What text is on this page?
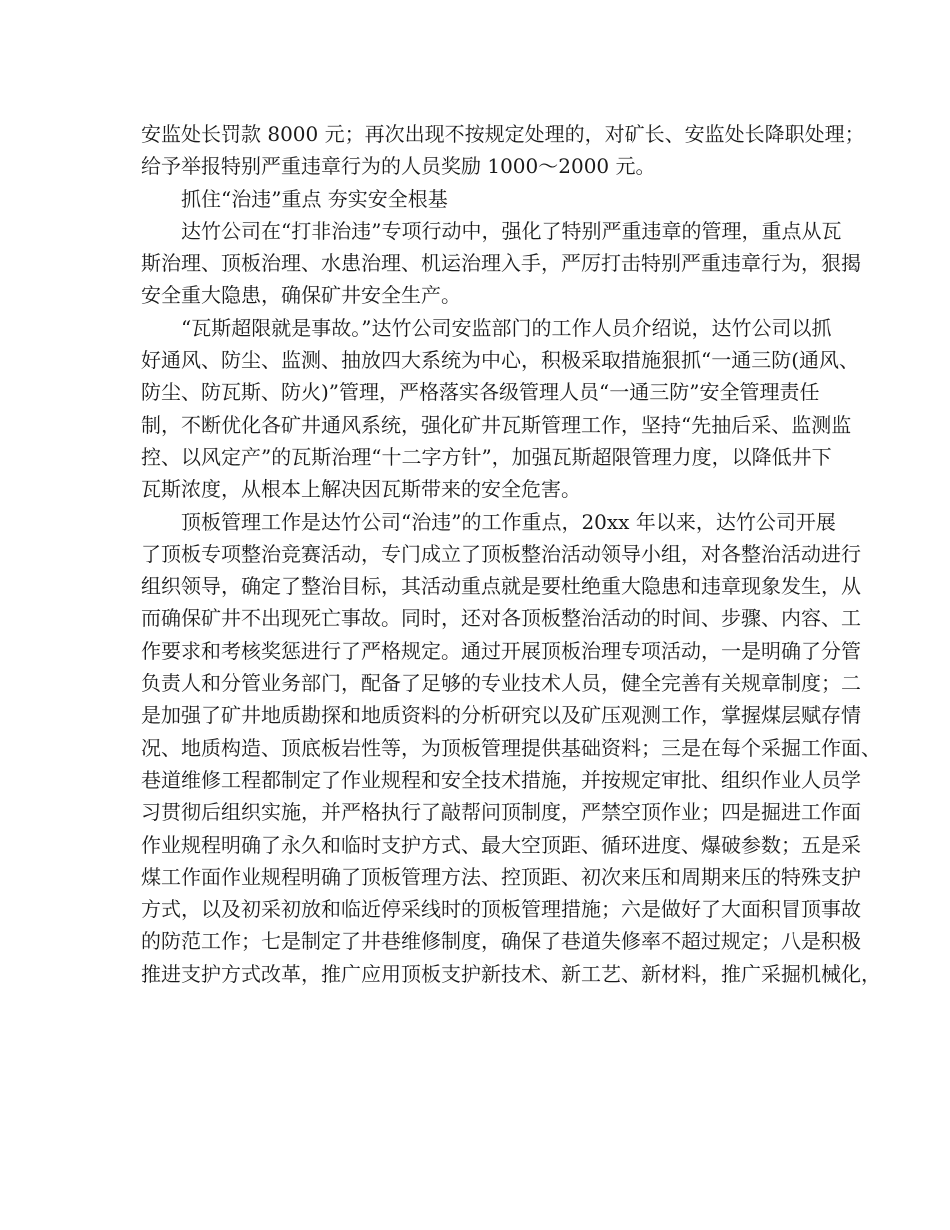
安监处长罚款 8000 元；再次出现不按规定处理的，对矿长、安监处长降职处理；

给予举报特别严重违章行为的人员奖励 1000～2000 元。

　　抓住“治违”重点 夯实安全根基

　　达竹公司在“打非治违”专项行动中，强化了特别严重违章的管理，重点从瓦

斯治理、顶板治理、水患治理、机运治理入手，严厉打击特别严重违章行为，狠揭

安全重大隐患，确保矿井安全生产。

　　“瓦斯超限就是事故。”达竹公司安监部门的工作人员介绍说，达竹公司以抓

好通风、防尘、监测、抽放四大系统为中心，积极采取措施狠抓“一通三防(通风、

防尘、防瓦斯、防火)”管理，严格落实各级管理人员“一通三防”安全管理责任

制，不断优化各矿井通风系统，强化矿井瓦斯管理工作，坚持“先抽后采、监测监

控、以风定产”的瓦斯治理“十二字方针”，加强瓦斯超限管理力度，以降低井下

瓦斯浓度，从根本上解决因瓦斯带来的安全危害。

　　顶板管理工作是达竹公司“治违”的工作重点，20xx 年以来，达竹公司开展

了顶板专项整治竞赛活动，专门成立了顶板整治活动领导小组，对各整治活动进行

组织领导，确定了整治目标，其活动重点就是要杜绝重大隐患和违章现象发生，从

而确保矿井不出现死亡事故。同时，还对各顶板整治活动的时间、步骤、内容、工

作要求和考核奖惩进行了严格规定。通过开展顶板治理专项活动，一是明确了分管

负责人和分管业务部门，配备了足够的专业技术人员，健全完善有关规章制度；二

是加强了矿井地质勘探和地质资料的分析研究以及矿压观测工作，掌握煤层赋存情

况、地质构造、顶底板岩性等，为顶板管理提供基础资料；三是在每个采掘工作面、

巷道维修工程都制定了作业规程和安全技术措施，并按规定审批、组织作业人员学

习贯彻后组织实施，并严格执行了敲帮问顶制度，严禁空顶作业；四是掘进工作面

作业规程明确了永久和临时支护方式、最大空顶距、循环进度、爆破参数；五是采

煤工作面作业规程明确了顶板管理方法、控顶距、初次来压和周期来压的特殊支护

方式，以及初采初放和临近停采线时的顶板管理措施；六是做好了大面积冒顶事故

的防范工作；七是制定了井巷维修制度，确保了巷道失修率不超过规定；八是积极

推进支护方式改革，推广应用顶板支护新技术、新工艺、新材料，推广采掘机械化，
